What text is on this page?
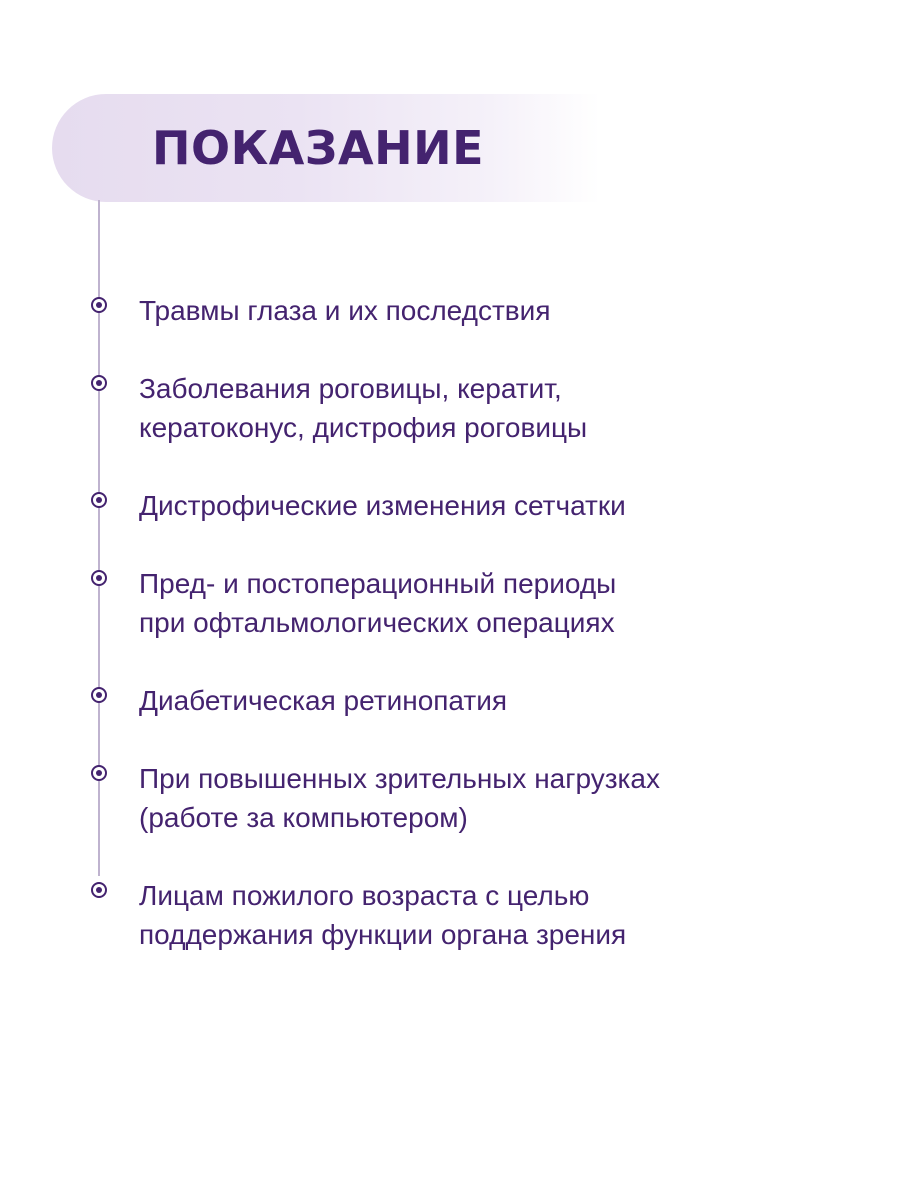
ПОКАЗАНИЕ

Травмы глаза и их последствия

Заболевания роговицы, кератит,
кератоконус, дистрофия роговицы

Дистрофические изменения сетчатки

Пред- и постоперационный периоды
при офтальмологических операциях

Диабетическая ретинопатия

При повышенных зрительных нагрузках
(работе за компьютером)

Лицам пожилого возраста с целью
поддержания функции органа зрения
